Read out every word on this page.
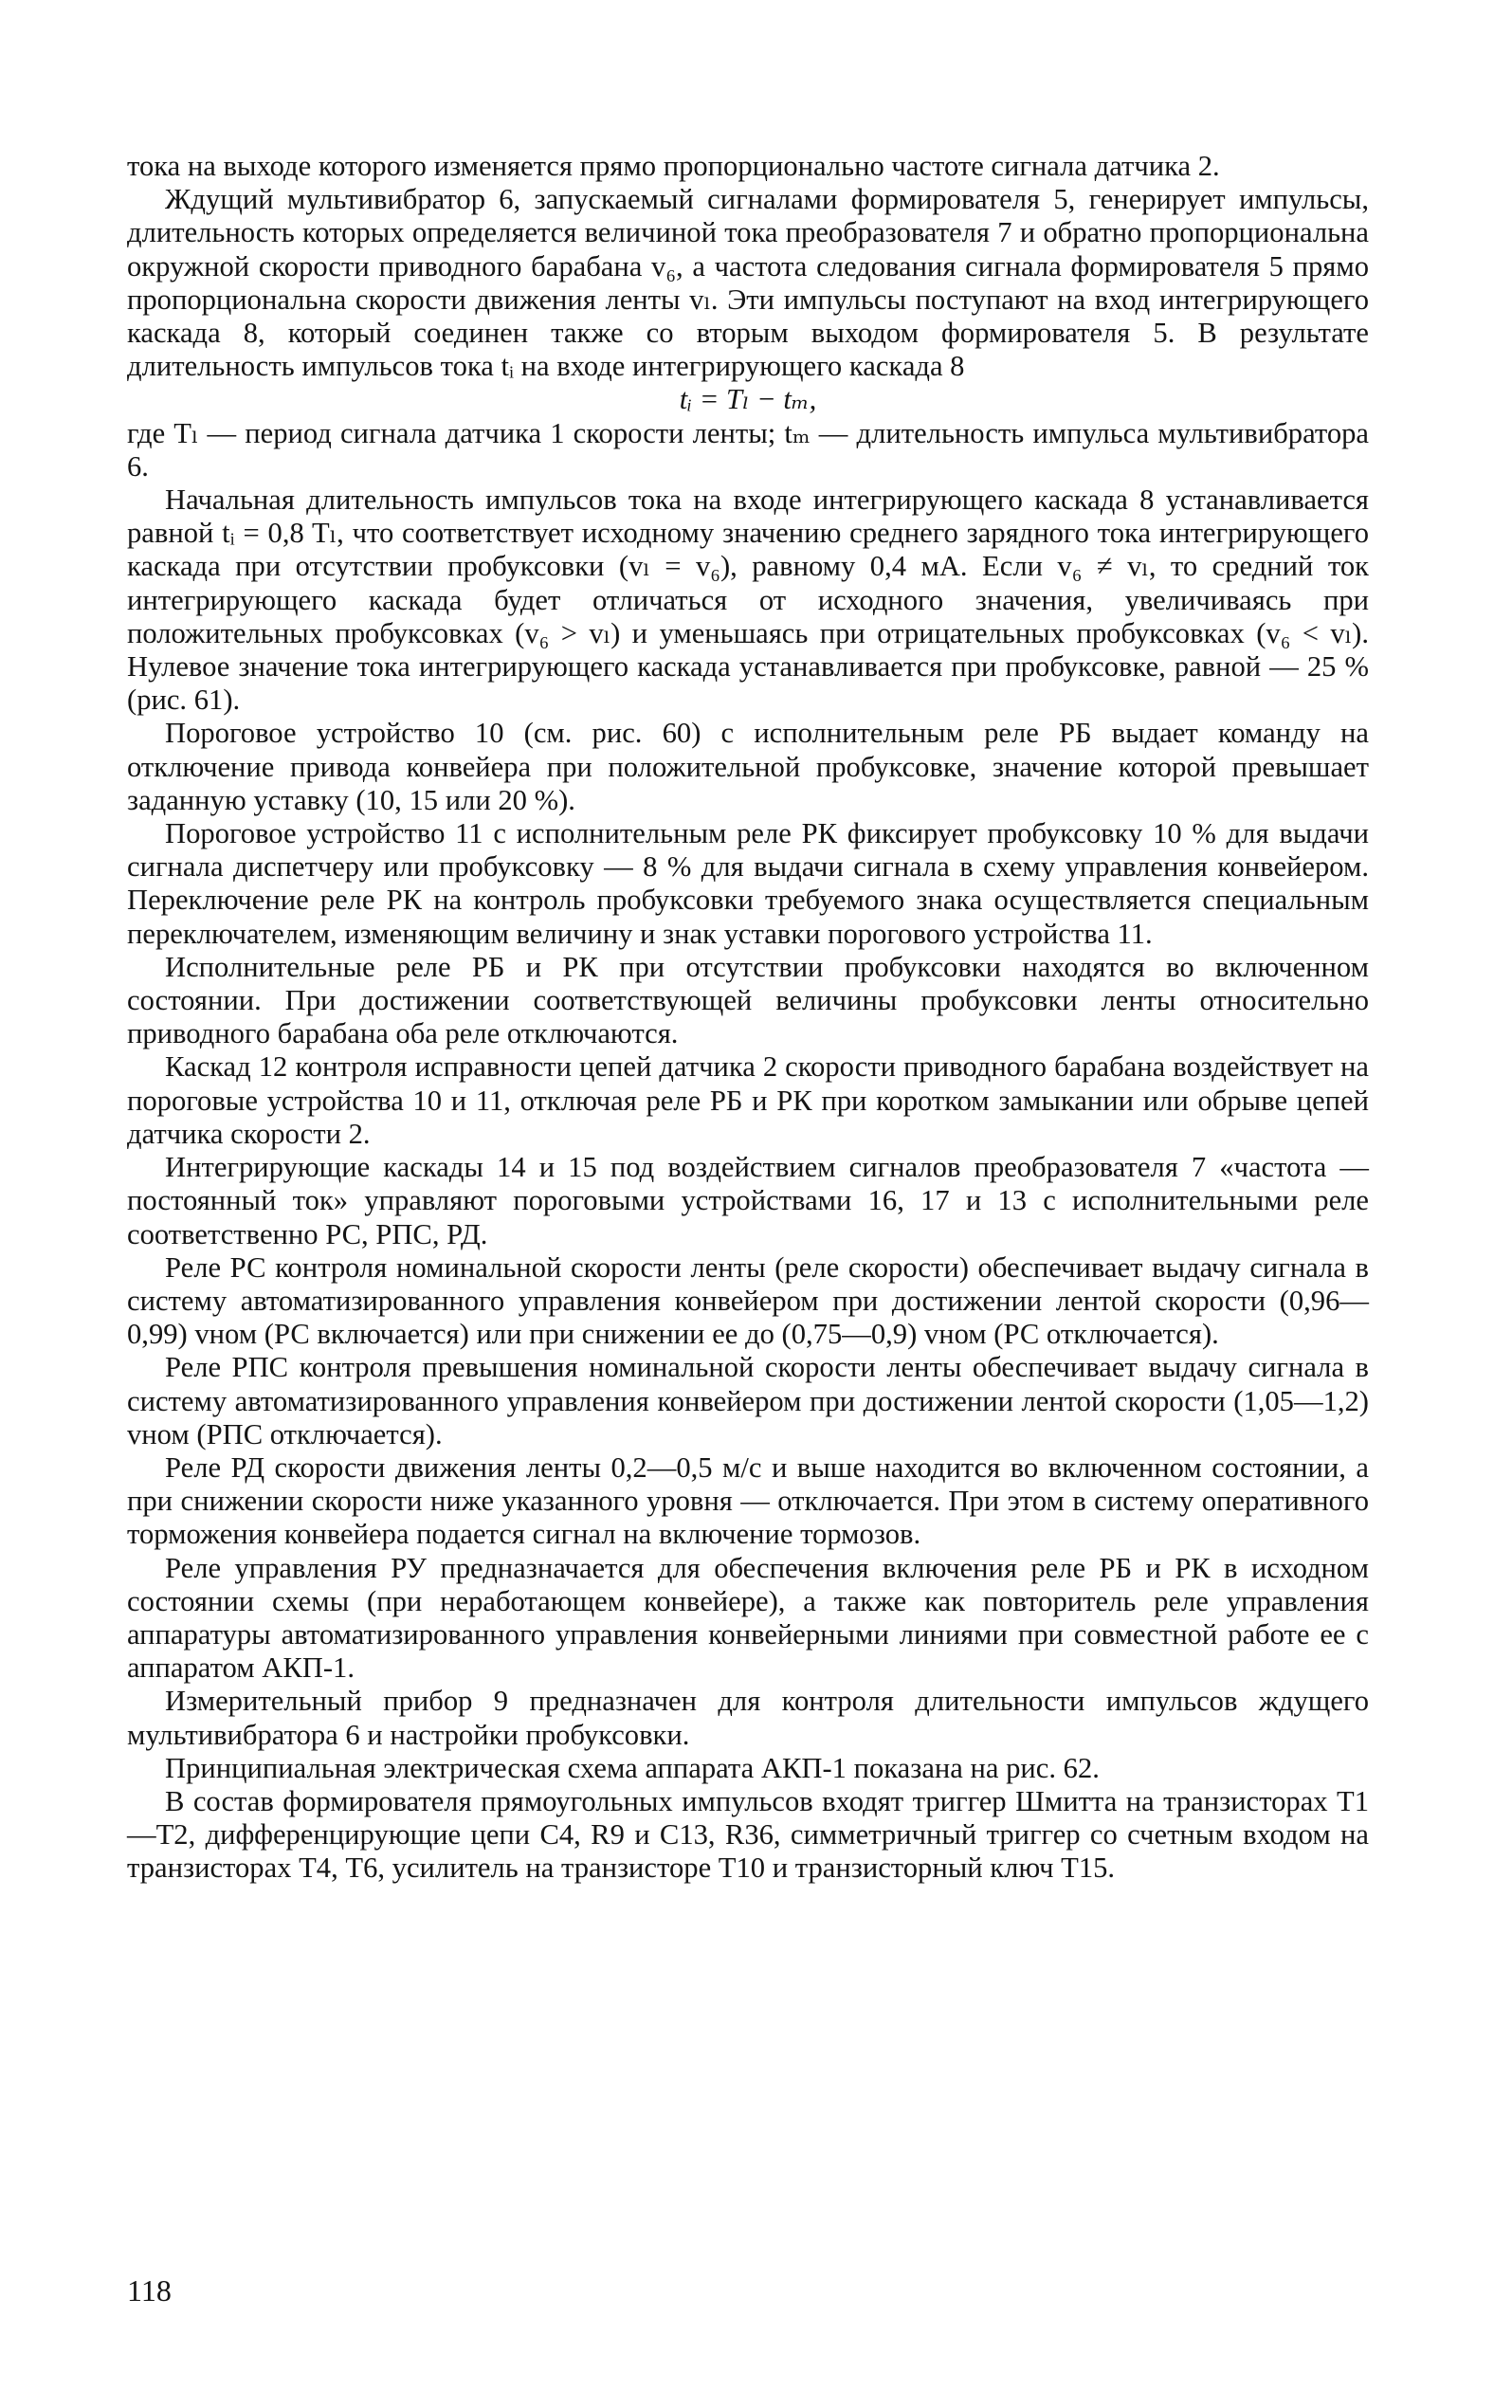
тока на выходе которого изменяется прямо пропорционально частоте сигнала датчика 2.

Ждущий мультивибратор 6, запускаемый сигналами формирователя 5, генерирует импульсы, длительность которых определяется величиной тока преобразователя 7 и обратно пропорциональна окружной скорости приводного барабана v₆, а частота следования сигнала формирователя 5 прямо пропорциональна скорости движения ленты vₗ. Эти импульсы поступают на вход интегрирующего каскада 8, который соединен также со вторым выходом формирователя 5. В результате длительность импульсов тока tᵢ на входе интегрирующего каскада 8

tᵢ = Tₗ − tₘ,

где Tₗ — период сигнала датчика 1 скорости ленты; tₘ — длительность импульса мультивибратора 6.

Начальная длительность импульсов тока на входе интегрирующего каскада 8 устанавливается равной tᵢ = 0,8 Tₗ, что соответствует исходному значению среднего зарядного тока интегрирующего каскада при отсутствии пробуксовки (vₗ = v₆), равному 0,4 мА. Если v₆ ≠ vₗ, то средний ток интегрирующего каскада будет отличаться от исходного значения, увеличиваясь при положительных пробуксовках (v₆ > vₗ) и уменьшаясь при отрицательных пробуксовках (v₆ < vₗ). Нулевое значение тока интегрирующего каскада устанавливается при пробуксовке, равной — 25 % (рис. 61).

Пороговое устройство 10 (см. рис. 60) с исполнительным реле РБ выдает команду на отключение привода конвейера при положительной пробуксовке, значение которой превышает заданную уставку (10, 15 или 20 %).

Пороговое устройство 11 с исполнительным реле РК фиксирует пробуксовку 10 % для выдачи сигнала диспетчеру или пробуксовку — 8 % для выдачи сигнала в схему управления конвейером. Переключение реле РК на контроль пробуксовки требуемого знака осуществляется специальным переключателем, изменяющим величину и знак уставки порогового устройства 11.

Исполнительные реле РБ и РК при отсутствии пробуксовки находятся во включенном состоянии. При достижении соответствующей величины пробуксовки ленты относительно приводного барабана оба реле отключаются.

Каскад 12 контроля исправности цепей датчика 2 скорости приводного барабана воздействует на пороговые устройства 10 и 11, отключая реле РБ и РК при коротком замыкании или обрыве цепей датчика скорости 2.

Интегрирующие каскады 14 и 15 под воздействием сигналов преобразователя 7 «частота — постоянный ток» управляют пороговыми устройствами 16, 17 и 13 с исполнительными реле соответственно РС, РПС, РД.

Реле РС контроля номинальной скорости ленты (реле скорости) обеспечивает выдачу сигнала в систему автоматизированного управления конвейером при достижении лентой скорости (0,96— 0,99) vном (РС включается) или при снижении ее до (0,75—0,9) vном (РС отключается).

Реле РПС контроля превышения номинальной скорости ленты обеспечивает выдачу сигнала в систему автоматизированного управления конвейером при достижении лентой скорости (1,05—1,2) vном (РПС отключается).

Реле РД скорости движения ленты 0,2—0,5 м/с и выше находится во включенном состоянии, а при снижении скорости ниже указанного уровня — отключается. При этом в систему оперативного торможения конвейера подается сигнал на включение тормозов.

Реле управления РУ предназначается для обеспечения включения реле РБ и РК в исходном состоянии схемы (при неработающем конвейере), а также как повторитель реле управления аппаратуры автоматизированного управления конвейерными линиями при совместной работе ее с аппаратом АКП-1.

Измерительный прибор 9 предназначен для контроля длительности импульсов ждущего мультивибратора 6 и настройки пробуксовки.

Принципиальная электрическая схема аппарата АКП-1 показана на рис. 62.

В состав формирователя прямоугольных импульсов входят триггер Шмитта на транзисторах Т1—Т2, дифференцирующие цепи С4, R9 и С13, R36, симметричный триггер со счетным входом на транзисторах Т4, Т6, усилитель на транзисторе Т10 и транзисторный ключ Т15.

118
